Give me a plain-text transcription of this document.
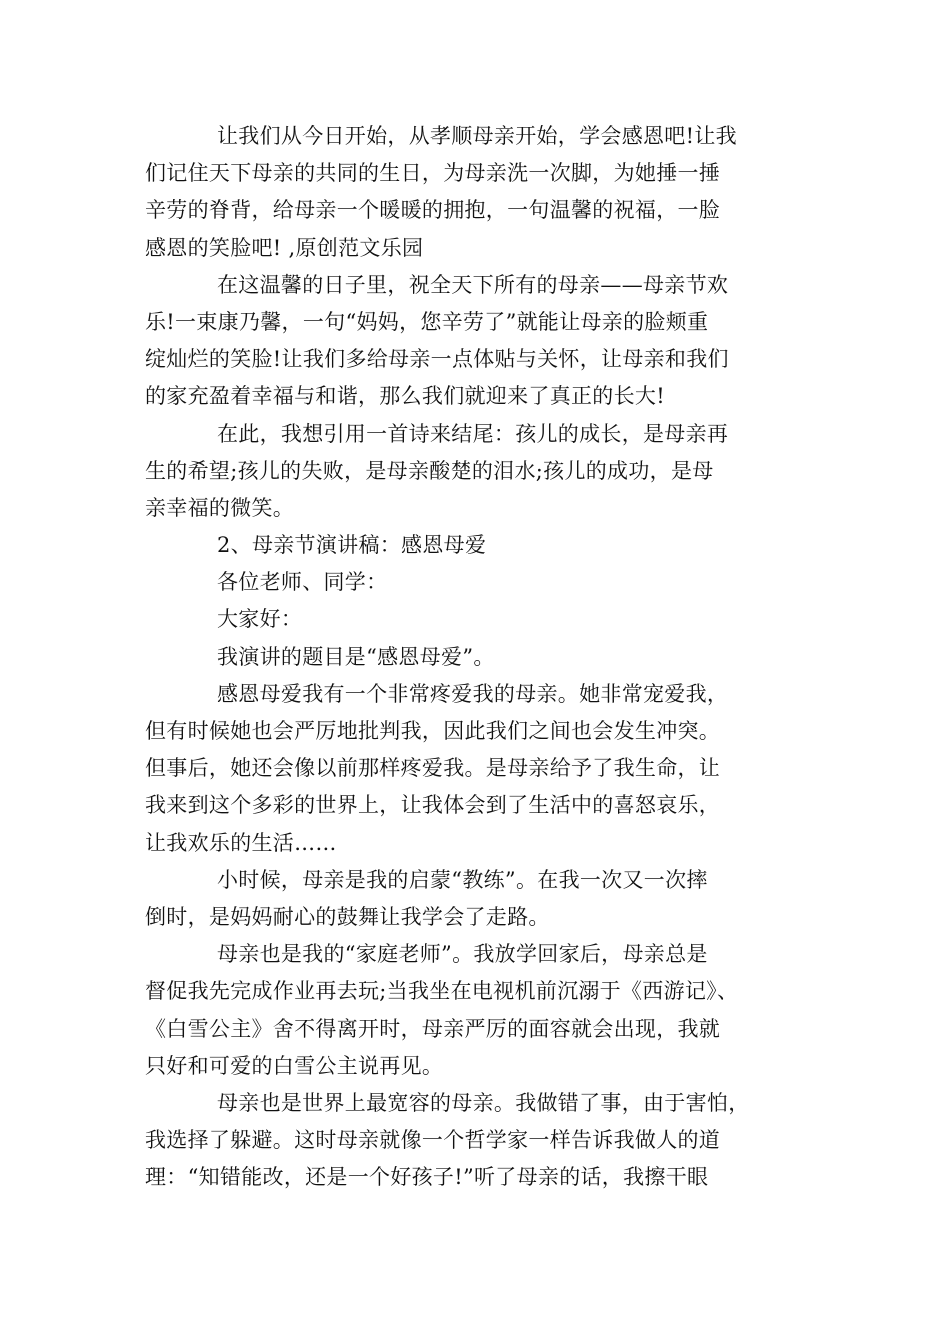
让我们从今日开始，从孝顺母亲开始，学会感恩吧!让我
们记住天下母亲的共同的生日，为母亲洗一次脚，为她捶一捶
辛劳的脊背，给母亲一个暖暖的拥抱，一句温馨的祝福，一脸
感恩的笑脸吧! ,原创范文乐园
在这温馨的日子里，祝全天下所有的母亲——母亲节欢
乐!一束康乃馨，一句“妈妈，您辛劳了”就能让母亲的脸颊重
绽灿烂的笑脸!让我们多给母亲一点体贴与关怀，让母亲和我们
的家充盈着幸福与和谐，那么我们就迎来了真正的长大!
在此，我想引用一首诗来结尾：孩儿的成长，是母亲再
生的希望;孩儿的失败，是母亲酸楚的泪水;孩儿的成功，是母
亲幸福的微笑。
2、母亲节演讲稿：感恩母爱
各位老师、同学：
大家好：
我演讲的题目是“感恩母爱”。
感恩母爱我有一个非常疼爱我的母亲。她非常宠爱我，
但有时候她也会严厉地批判我，因此我们之间也会发生冲突。
但事后，她还会像以前那样疼爱我。是母亲给予了我生命，让
我来到这个多彩的世界上，让我体会到了生活中的喜怒哀乐，
让我欢乐的生活……
小时候，母亲是我的启蒙“教练”。在我一次又一次摔
倒时，是妈妈耐心的鼓舞让我学会了走路。
母亲也是我的“家庭老师”。我放学回家后，母亲总是
督促我先完成作业再去玩;当我坐在电视机前沉溺于《西游记》、
《白雪公主》舍不得离开时，母亲严厉的面容就会出现，我就
只好和可爱的白雪公主说再见。
母亲也是世界上最宽容的母亲。我做错了事，由于害怕，
我选择了躲避。这时母亲就像一个哲学家一样告诉我做人的道
理：“知错能改，还是一个好孩子!”听了母亲的话，我擦干眼
